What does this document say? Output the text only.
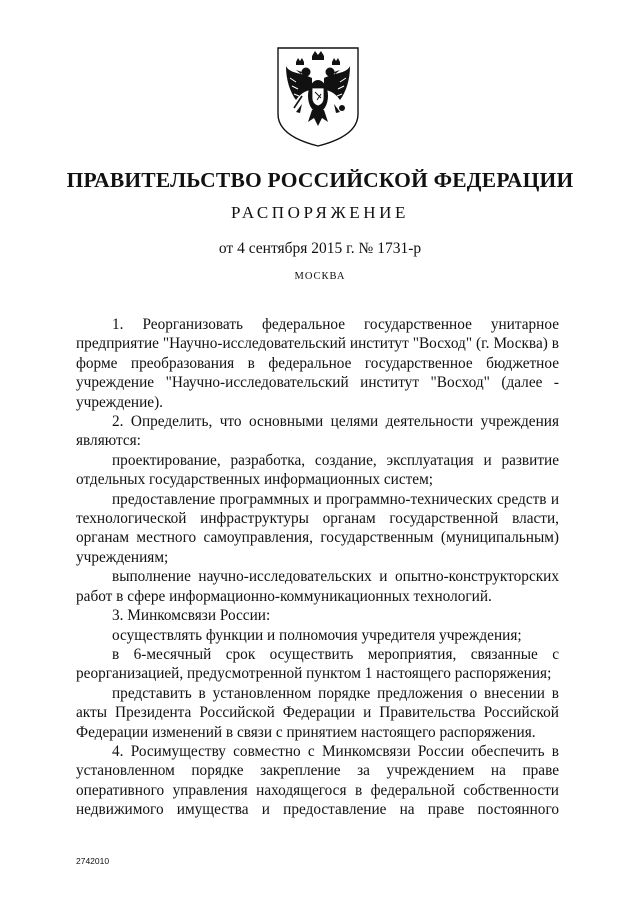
ПРАВИТЕЛЬСТВО РОССИЙСКОЙ ФЕДЕРАЦИИ
РАСПОРЯЖЕНИЕ
от 4 сентября 2015 г. № 1731-р
МОСКВА

1. Реорганизовать федеральное государственное унитарное предприятие "Научно-исследовательский институт "Восход" (г. Москва) в форме преобразования в федеральное государственное бюджетное учреждение "Научно-исследовательский институт "Восход" (далее - учреждение).

2. Определить, что основными целями деятельности учреждения являются:

проектирование, разработка, создание, эксплуатация и развитие отдельных государственных информационных систем;

предоставление программных и программно-технических средств и технологической инфраструктуры органам государственной власти, органам местного самоуправления, государственным (муниципальным) учреждениям;

выполнение научно-исследовательских и опытно-конструкторских работ в сфере информационно-коммуникационных технологий.

3. Минкомсвязи России:

осуществлять функции и полномочия учредителя учреждения;

в 6-месячный срок осуществить мероприятия, связанные с реорганизацией, предусмотренной пунктом 1 настоящего распоряжения;

представить в установленном порядке предложения о внесении в акты Президента Российской Федерации и Правительства Российской Федерации изменений в связи с принятием настоящего распоряжения.

4. Росимуществу совместно с Минкомсвязи России обеспечить в установленном порядке закрепление за учреждением на праве оперативного управления находящегося в федеральной собственности недвижимого имущества и предоставление на праве постоянного

2742010
